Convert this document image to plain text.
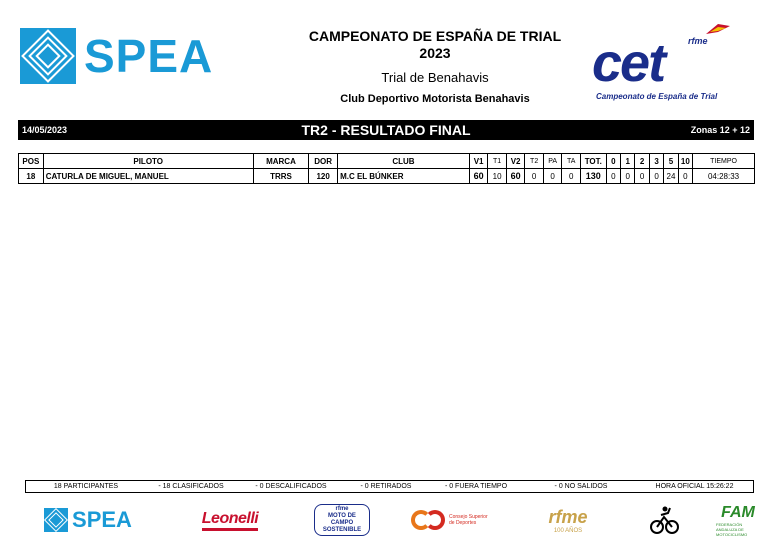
SPEA	CAMPEONATO DE ESPAÑA DE TRIAL 2023
Trial de Benahavis
Club Deportivo Motorista Benahavis
cet	rfme
Campeonato de España de Trial
14/05/2023	TR2 - RESULTADO FINAL	Zonas 12 + 12
POS	PILOTO	MARCA	DOR	CLUB	V1	T1	V2	T2	PA	TA	TOT.	0	1	2	3	5	10	TIEMPO
18	CATURLA DE MIGUEL, MANUEL	TRRS	120	M.C EL BÚNKER	60	10	60	0	0	0	130	0	0	0	0	24	0	04:28:33
18 PARTICIPANTES	- 18 CLASIFICADOS	- 0 DESCALIFICADOS	- 0 RETIRADOS	- 0 FUERA TIEMPO	- 0 NO SALIDOS	HORA OFICIAL 15:26:22
SPEA	Leonelli
rfme
MOTO DE CAMPO
SOSTENIBLE
Consejo Superior de Deportes	rfme
100 AÑOS
FAM
FEDERACIÓN ANDALUZA DE MOTOCICLISMO
